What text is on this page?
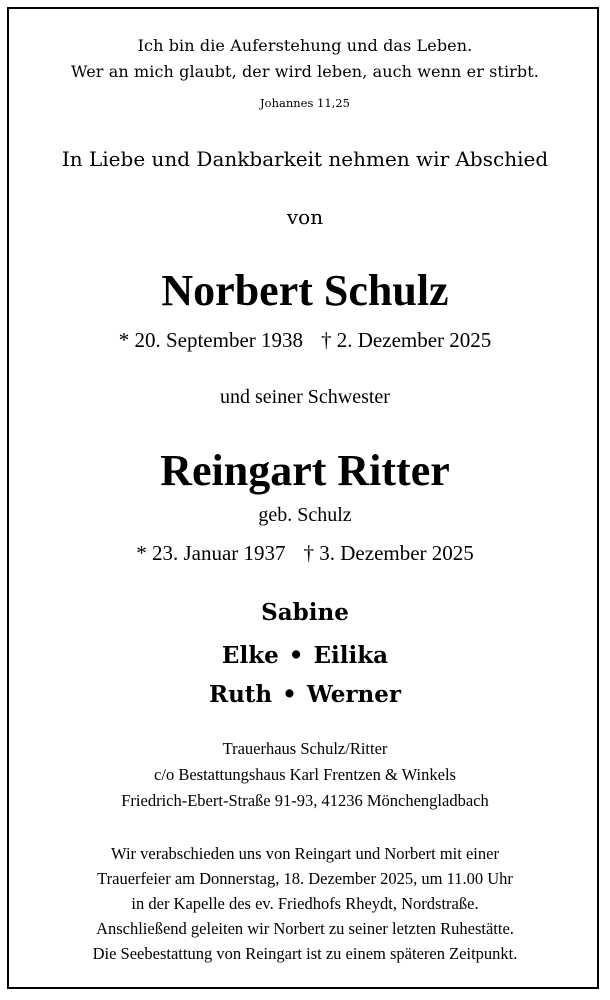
Ich bin die Auferstehung und das Leben.
Wer an mich glaubt, der wird leben, auch wenn er stirbt.
Johannes 11,25
In Liebe und Dankbarkeit nehmen wir Abschied
von
Norbert Schulz
* 20. September 1938 † 2. Dezember 2025
und seiner Schwester
Reingart Ritter
geb. Schulz
* 23. Januar 1937 † 3. Dezember 2025
Sabine
Elke • Eilika
Ruth • Werner
Trauerhaus Schulz/Ritter
c/o Bestattungshaus Karl Frentzen & Winkels
Friedrich-Ebert-Straße 91-93, 41236 Mönchengladbach
Wir verabschieden uns von Reingart und Norbert mit einer
Trauerfeier am Donnerstag, 18. Dezember 2025, um 11.00 Uhr
in der Kapelle des ev. Friedhofs Rheydt, Nordstraße.
Anschließend geleiten wir Norbert zu seiner letzten Ruhestätte.
Die Seebestattung von Reingart ist zu einem späteren Zeitpunkt.
